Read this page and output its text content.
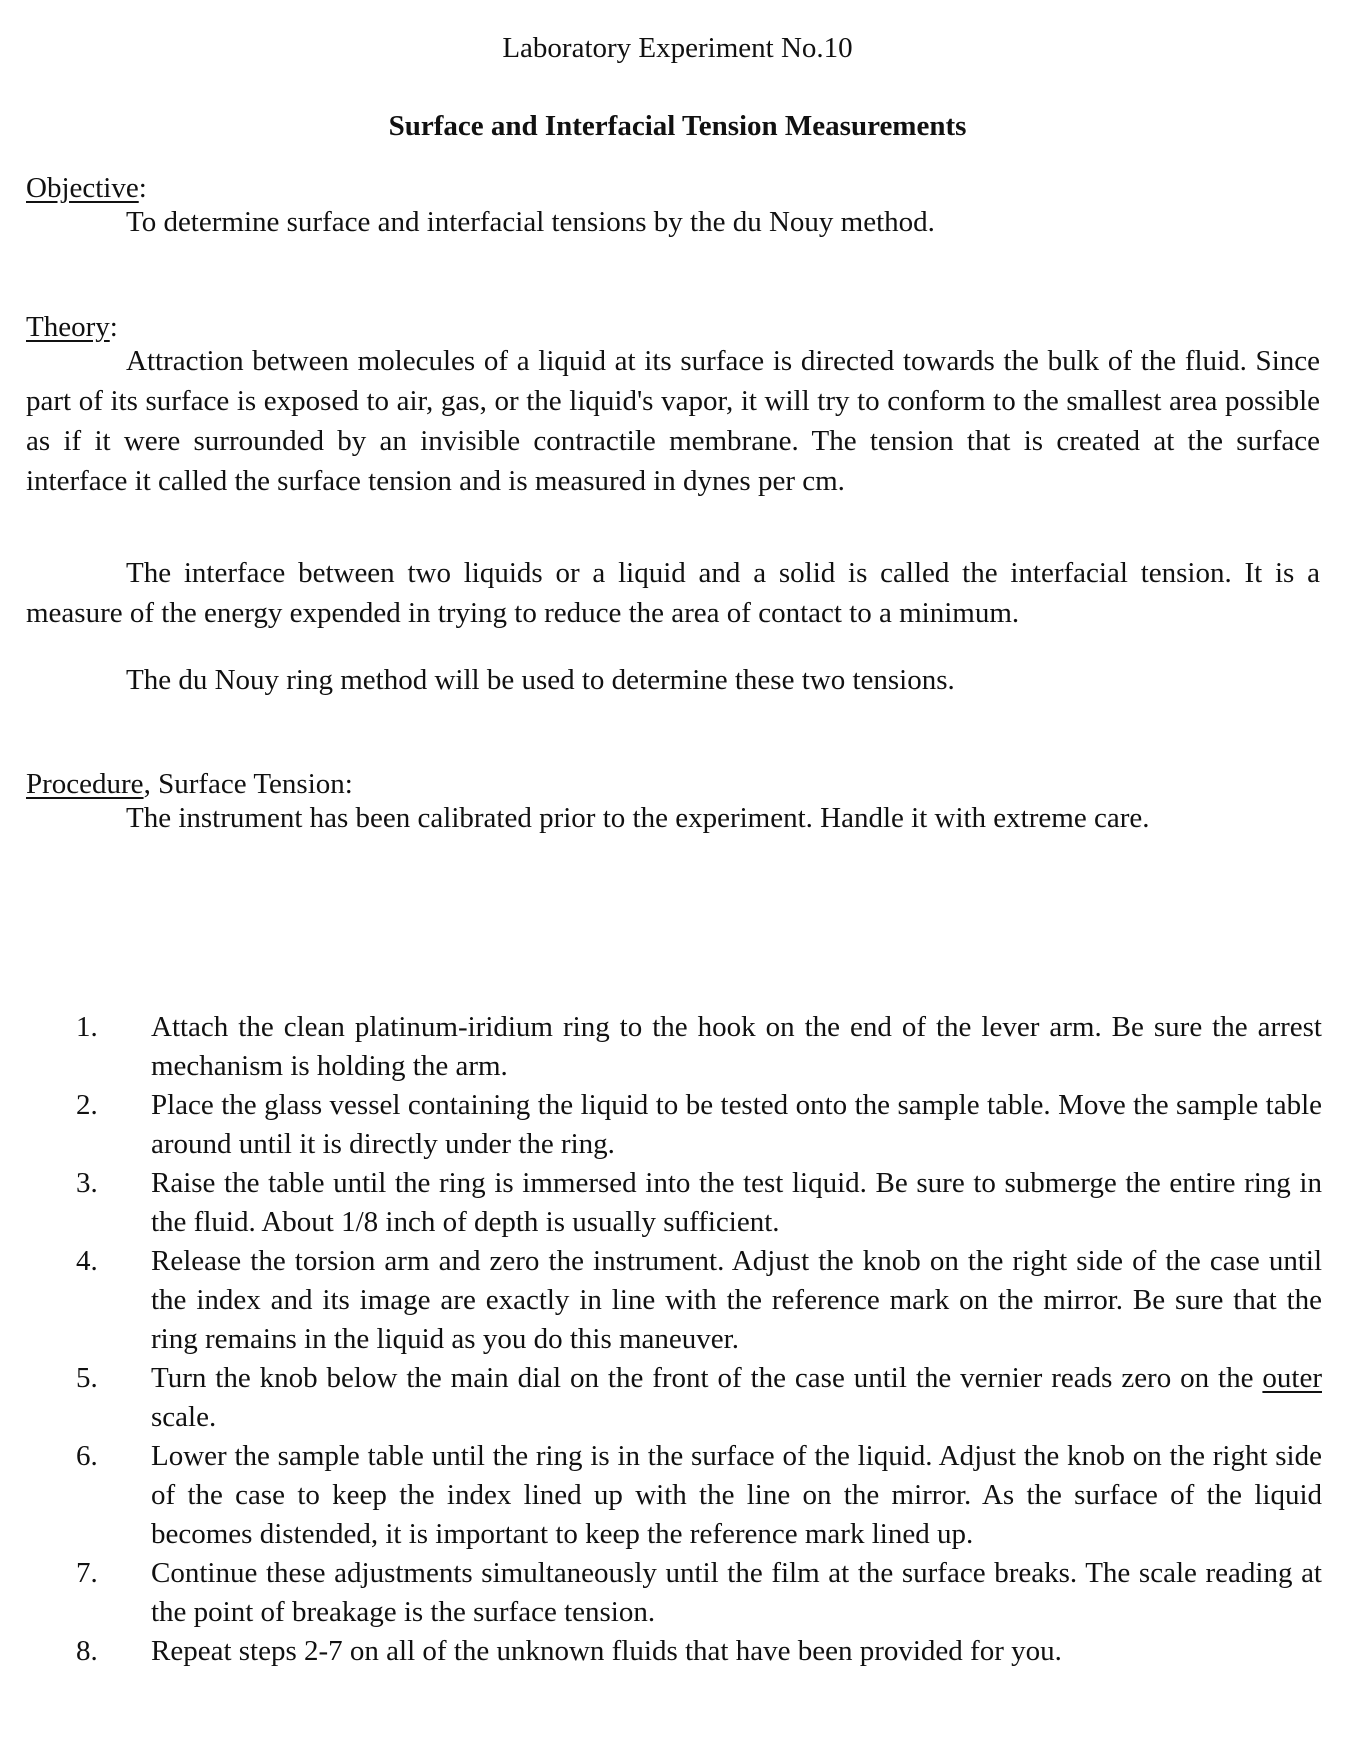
Laboratory Experiment No.10
Surface and Interfacial Tension Measurements
Objective:
To determine surface and interfacial tensions by the du Nouy method.
Theory:
Attraction between molecules of a liquid at its surface is directed towards the bulk of the fluid. Since part of its surface is exposed to air, gas, or the liquid's vapor, it will try to conform to the smallest area possible as if it were surrounded by an invisible contractile membrane. The tension that is created at the surface interface it called the surface tension and is measured in dynes per cm.
The interface between two liquids or a liquid and a solid is called the interfacial tension. It is a measure of the energy expended in trying to reduce the area of contact to a minimum.
The du Nouy ring method will be used to determine these two tensions.
Procedure, Surface Tension:
The instrument has been calibrated prior to the experiment. Handle it with extreme care.
1. Attach the clean platinum-iridium ring to the hook on the end of the lever arm. Be sure the arrest mechanism is holding the arm.
2. Place the glass vessel containing the liquid to be tested onto the sample table. Move the sample table around until it is directly under the ring.
3. Raise the table until the ring is immersed into the test liquid. Be sure to submerge the entire ring in the fluid. About 1/8 inch of depth is usually sufficient.
4. Release the torsion arm and zero the instrument. Adjust the knob on the right side of the case until the index and its image are exactly in line with the reference mark on the mirror. Be sure that the ring remains in the liquid as you do this maneuver.
5. Turn the knob below the main dial on the front of the case until the vernier reads zero on the outer scale.
6. Lower the sample table until the ring is in the surface of the liquid. Adjust the knob on the right side of the case to keep the index lined up with the line on the mirror. As the surface of the liquid becomes distended, it is important to keep the reference mark lined up.
7. Continue these adjustments simultaneously until the film at the surface breaks. The scale reading at the point of breakage is the surface tension.
8. Repeat steps 2-7 on all of the unknown fluids that have been provided for you.
